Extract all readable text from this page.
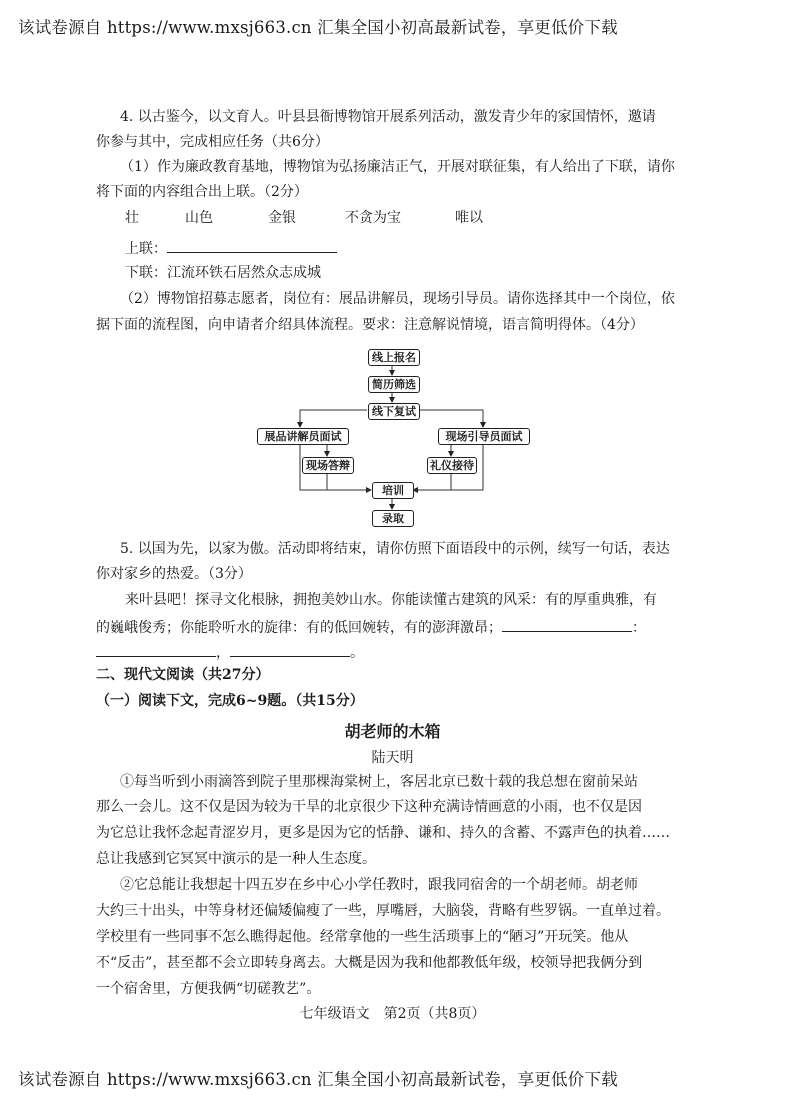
该试卷源自 https://www.mxsj663.cn 汇集全国小初高最新试卷，享更低价下载
4. 以古鉴今，以文育人。叶县县衙博物馆开展系列活动，激发青少年的家国情怀，邀请
你参与其中，完成相应任务（共6分）
（1）作为廉政教育基地，博物馆为弘扬廉洁正气，开展对联征集，有人给出了下联，请你
将下面的内容组合出上联。（2分）
壮	山色	金银	不贪为宝	唯以
上联：
下联：江流环铁石居然众志成城
（2）博物馆招募志愿者，岗位有：展品讲解员，现场引导员。请你选择其中一个岗位，依
据下面的流程图，向申请者介绍具体流程。要求：注意解说情境，语言简明得体。（4分）
线上报名
简历筛选
线下复试
展品讲解员面试	现场引导员面试
现场答辩	礼仪接待
培训
录取
5. 以国为先，以家为傲。活动即将结束，请你仿照下面语段中的示例，续写一句话，表达
你对家乡的热爱。（3分）
来叶县吧！探寻文化根脉，拥抱美妙山水。你能读懂古建筑的风采：有的厚重典雅，有
的巍峨俊秀；你能聆听水的旋律：有的低回婉转，有的澎湃激昂；	：
，	。
二、现代文阅读（共27分）
（一）阅读下文，完成6~9题。（共15分）
胡老师的木箱
陆天明
①每当听到小雨滴答到院子里那棵海棠树上，客居北京已数十载的我总想在窗前呆站
那么一会儿。这不仅是因为较为干旱的北京很少下这种充满诗情画意的小雨，也不仅是因
为它总让我怀念起青涩岁月，更多是因为它的恬静、谦和、持久的含蓄、不露声色的执着……
总让我感到它冥冥中演示的是一种人生态度。
②它总能让我想起十四五岁在乡中心小学任教时，跟我同宿舍的一个胡老师。胡老师
大约三十出头，中等身材还偏矮偏瘦了一些，厚嘴唇，大脑袋，背略有些罗锅。一直单过着。
学校里有一些同事不怎么瞧得起他。经常拿他的一些生活琐事上的“陋习”开玩笑。他从
不“反击”，甚至都不会立即转身离去。大概是因为我和他都教低年级，校领导把我俩分到
一个宿舍里，方便我俩“切磋教艺”。
七年级语文　第2页（共8页）
该试卷源自 https://www.mxsj663.cn 汇集全国小初高最新试卷，享更低价下载
